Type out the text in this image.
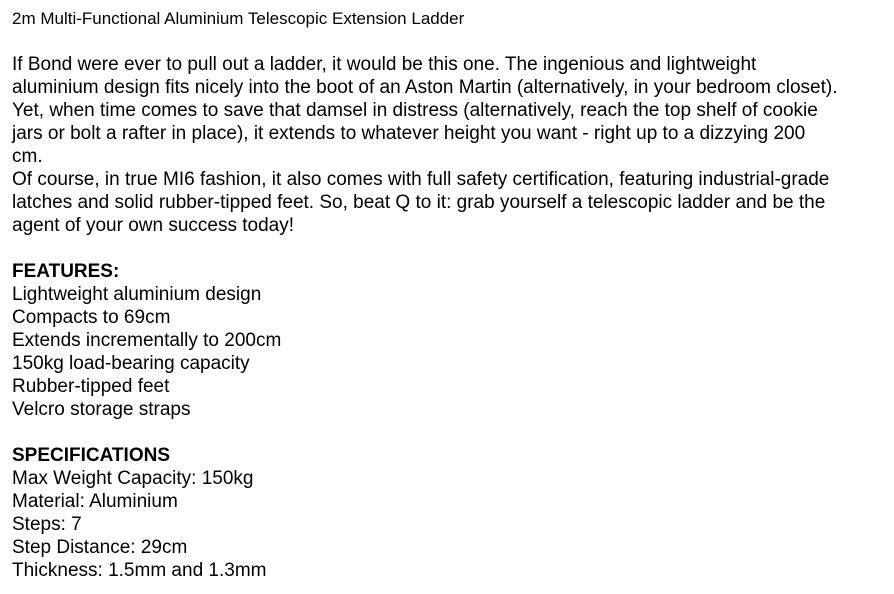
2m Multi-Functional Aluminium Telescopic Extension Ladder
If Bond were ever to pull out a ladder, it would be this one. The ingenious and lightweight
aluminium design fits nicely into the boot of an Aston Martin (alternatively, in your bedroom closet).
Yet, when time comes to save that damsel in distress (alternatively, reach the top shelf of cookie
jars or bolt a rafter in place), it extends to whatever height you want - right up to a dizzying 200
cm.
Of course, in true MI6 fashion, it also comes with full safety certification, featuring industrial-grade
latches and solid rubber-tipped feet. So, beat Q to it: grab yourself a telescopic ladder and be the
agent of your own success today!
FEATURES:
Lightweight aluminium design
Compacts to 69cm
Extends incrementally to 200cm
150kg load-bearing capacity
Rubber-tipped feet
Velcro storage straps
SPECIFICATIONS
Max Weight Capacity: 150kg
Material: Aluminium
Steps: 7
Step Distance: 29cm
Thickness: 1.5mm and 1.3mm
